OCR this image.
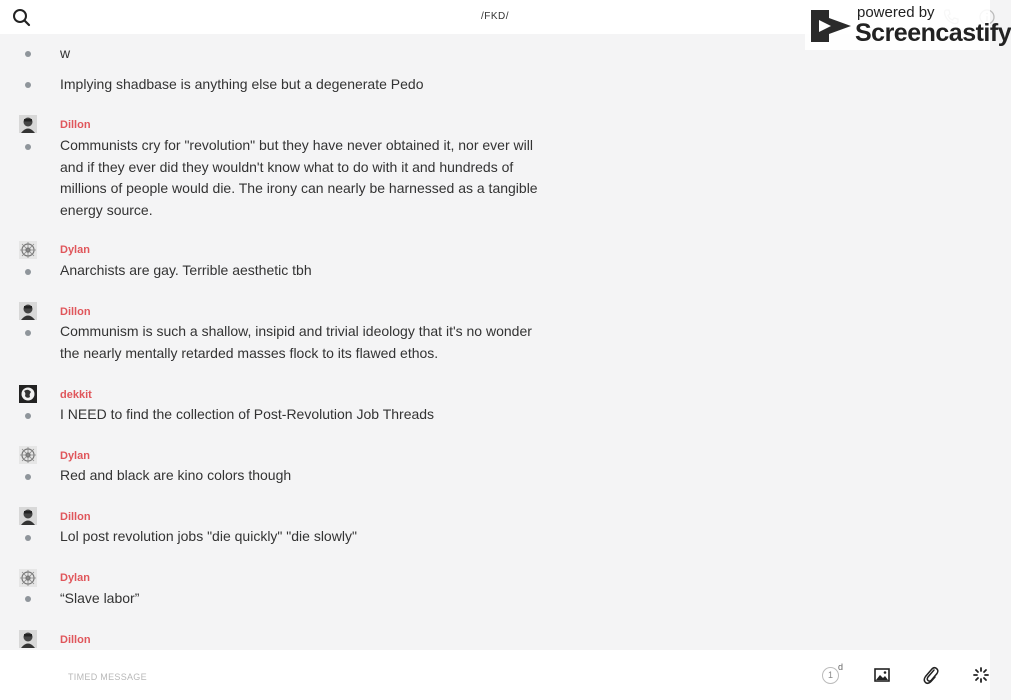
/FKD/
w
Implying shadbase is anything else but a degenerate Pedo
Dillon
Communists cry for "revolution" but they have never obtained it, nor ever will and if they ever did they wouldn't know what to do with it and hundreds of millions of people would die. The irony can nearly be harnessed as a tangible energy source.
Dylan
Anarchists are gay. Terrible aesthetic tbh
Dillon
Communism is such a shallow, insipid and trivial ideology that it's no wonder the nearly mentally retarded masses flock to its flawed ethos.
dekkit
I NEED to find the collection of Post-Revolution Job Threads
Dylan
Red and black are kino colors though
Dillon
Lol post revolution jobs "die quickly" "die slowly"
Dylan
“Slave labor”
Dillon
powered by
Screencastify
TIMED MESSAGE
1
d
